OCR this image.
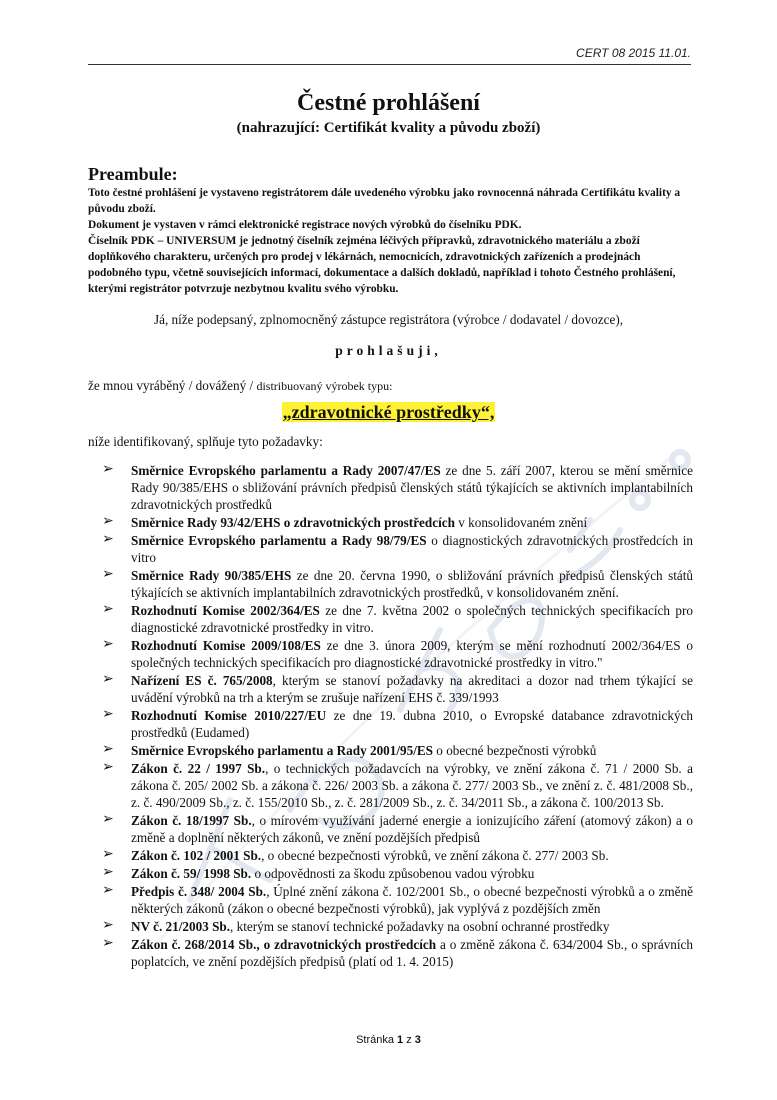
CERT 08 2015 11.01.
Čestné prohlášení
(nahrazující: Certifikát kvality a původu zboží)
Preambule:

Toto čestné prohlášení je vystaveno registrátorem dále uvedeného výrobku jako rovnocenná náhrada Certifikátu kvality a původu zboží.

Dokument je vystaven v rámci elektronické registrace nových výrobků do číselníku PDK.

Číselník PDK – UNIVERSUM je jednotný číselník zejména léčivých přípravků, zdravotnického materiálu a zboží doplňkového charakteru, určených pro prodej v lékárnách, nemocnicích, zdravotnických zařízeních a prodejnách podobného typu, včetně souvisejících informací, dokumentace a dalších dokladů, například i tohoto Čestného prohlášení, kterými registrátor potvrzuje nezbytnou kvalitu svého výrobku.

Já, níže podepsaný, zplnomocněný zástupce registrátora (výrobce / dodavatel / dovozce),
prohlašuji,
že mnou vyráběný / dovážený / distribuovaný výrobek typu:
„zdravotnické prostředky“,
níže identifikovaný, splňuje tyto požadavky:
➢ Směrnice Evropského parlamentu a Rady 2007/47/ES ze dne 5. září 2007, kterou se mění směrnice Rady 90/385/EHS o sbližování právních předpisů členských států týkajících se aktivních implantabilních zdravotnických prostředků
➢ Směrnice Rady 93/42/EHS o zdravotnických prostředcích v konsolidovaném znění
➢ Směrnice Evropského parlamentu a Rady 98/79/ES o diagnostických zdravotnických prostředcích in vitro
➢ Směrnice Rady 90/385/EHS ze dne 20. června 1990, o sbližování právních předpisů členských států týkajících se aktivních implantabilních zdravotnických prostředků, v konsolidovaném znění.
➢ Rozhodnutí Komise 2002/364/ES ze dne 7. května 2002 o společných technických specifikacích pro diagnostické zdravotnické prostředky in vitro.
➢ Rozhodnutí Komise 2009/108/ES ze dne 3. února 2009, kterým se mění rozhodnutí 2002/364/ES o společných technických specifikacích pro diagnostické zdravotnické prostředky in vitro."
➢ Nařízení ES č. 765/2008, kterým se stanoví požadavky na akreditaci a dozor nad trhem týkající se uvádění výrobků na trh a kterým se zrušuje nařízení EHS č. 339/1993
➢ Rozhodnutí Komise 2010/227/EU ze dne 19. dubna 2010, o Evropské databance zdravotnických prostředků (Eudamed)
➢ Směrnice Evropského parlamentu a Rady 2001/95/ES o obecné bezpečnosti výrobků
➢ Zákon č. 22 / 1997 Sb., o technických požadavcích na výrobky, ve znění zákona č. 71 / 2000 Sb. a zákona č. 205/ 2002 Sb. a zákona č. 226/ 2003 Sb. a zákona č. 277/ 2003 Sb., ve znění z. č. 481/2008 Sb., z. č. 490/2009 Sb., z. č. 155/2010 Sb., z. č. 281/2009 Sb., z. č. 34/2011 Sb., a zákona č. 100/2013 Sb.
➢ Zákon č. 18/1997 Sb., o mírovém využívání jaderné energie a ionizujícího záření (atomový zákon) a o změně a doplnění některých zákonů, ve znění pozdějších předpisů
➢ Zákon č. 102 / 2001 Sb., o obecné bezpečnosti výrobků, ve znění zákona č. 277/ 2003 Sb.
➢ Zákon č. 59/ 1998 Sb. o odpovědnosti za škodu způsobenou vadou výrobku
➢ Předpis č. 348/ 2004 Sb., Úplné znění zákona č. 102/2001 Sb., o obecné bezpečnosti výrobků a o změně některých zákonů (zákon o obecné bezpečnosti výrobků), jak vyplývá z pozdějších změn
➢ NV č. 21/2003 Sb., kterým se stanoví technické požadavky na osobní ochranné prostředky
➢ Zákon č. 268/2014 Sb., o zdravotnických prostředcích a o změně zákona č. 634/2004 Sb., o správních poplatcích, ve znění pozdějších předpisů (platí od 1. 4. 2015)
Stránka 1 z 3
